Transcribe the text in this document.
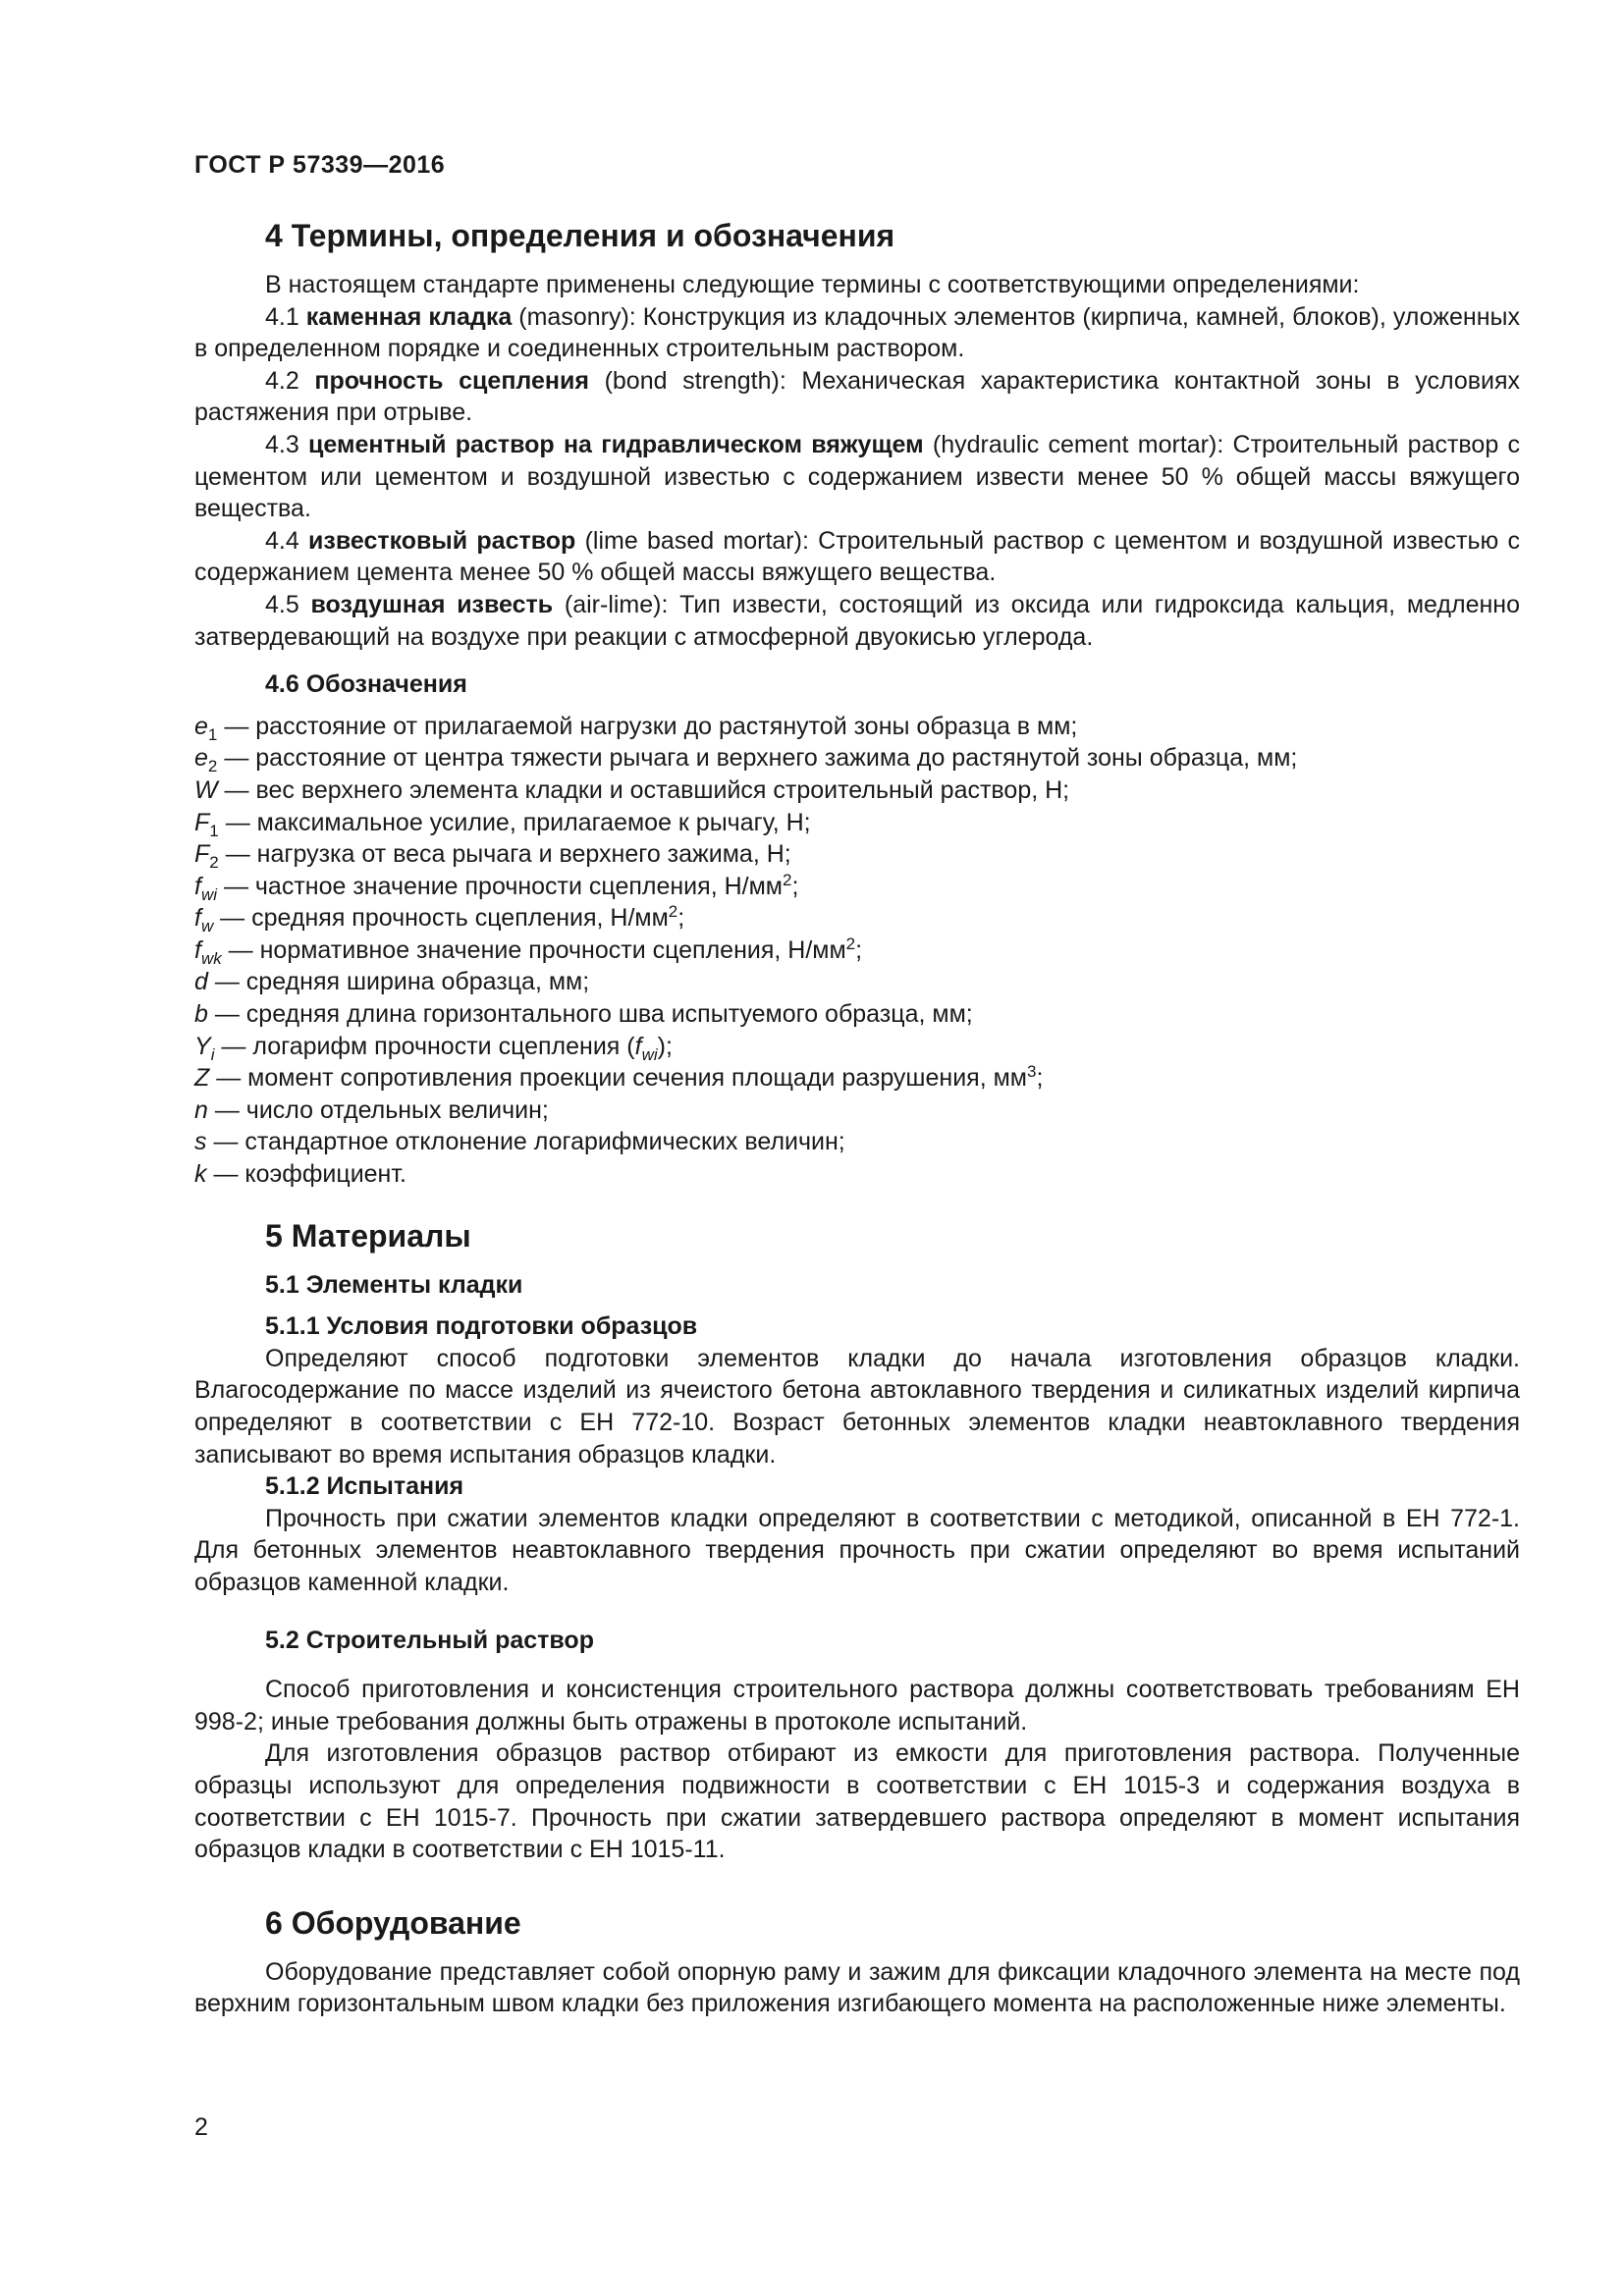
ГОСТ Р 57339—2016
4 Термины, определения и обозначения

В настоящем стандарте применены следующие термины с соответствующими определениями:

4.1 каменная кладка (masonry): Конструкция из кладочных элементов (кирпича, камней, блоков), уложенных в определенном порядке и соединенных строительным раствором.

4.2 прочность сцепления (bond strength): Механическая характеристика контактной зоны в условиях растяжения при отрыве.

4.3 цементный раствор на гидравлическом вяжущем (hydraulic cement mortar): Строительный раствор с цементом или цементом и воздушной известью с содержанием извести менее 50 % общей массы вяжущего вещества.

4.4 известковый раствор (lime based mortar): Строительный раствор с цементом и воздушной известью с содержанием цемента менее 50 % общей массы вяжущего вещества.

4.5 воздушная известь (air-lime): Тип извести, состоящий из оксида или гидроксида кальция, медленно затвердевающий на воздухе при реакции с атмосферной двуокисью углерода.

4.6 Обозначения

$e_1$ — расстояние от прилагаемой нагрузки до растянутой зоны образца в мм;

$e_2$ — расстояние от центра тяжести рычага и верхнего зажима до растянутой зоны образца, мм;

W — вес верхнего элемента кладки и оставшийся строительный раствор, Н;

$F_1$ — максимальное усилие, прилагаемое к рычагу, Н;

$F_2$ — нагрузка от веса рычага и верхнего зажима, Н;

$f_{wi}$ — частное значение прочности сцепления, $Н/мм^2$;

$f_w$ — средняя прочность сцепления, $Н/мм^2$;

$f_{wk}$ — нормативное значение прочности сцепления, $Н/мм^2$;

d — средняя ширина образца, мм;

b — средняя длина горизонтального шва испытуемого образца, мм;

$Y_i$ — логарифм прочности сцепления $(f_{wi})$;

Z — момент сопротивления проекции сечения площади разрушения, $мм^3$;

n — число отдельных величин;

s — стандартное отклонение логарифмических величин;

k — коэффициент.

5 Материалы
5.1 Элементы кладки
5.1.1 Условия подготовки образцов

Определяют способ подготовки элементов кладки до начала изготовления образцов кладки. Влагосодержание по массе изделий из ячеистого бетона автоклавного твердения и силикатных изделий кирпича определяют в соответствии с ЕН 772-10. Возраст бетонных элементов кладки неавтоклавного твердения записывают во время испытания образцов кладки.

5.1.2 Испытания

Прочность при сжатии элементов кладки определяют в соответствии с методикой, описанной в ЕН 772-1. Для бетонных элементов неавтоклавного твердения прочность при сжатии определяют во время испытаний образцов каменной кладки.

5.2 Строительный раствор

Способ приготовления и консистенция строительного раствора должны соответствовать требованиям ЕН 998-2; иные требования должны быть отражены в протоколе испытаний.

Для изготовления образцов раствор отбирают из емкости для приготовления раствора. Полученные образцы используют для определения подвижности в соответствии с ЕН 1015-3 и содержания воздуха в соответствии с ЕН 1015-7. Прочность при сжатии затвердевшего раствора определяют в момент испытания образцов кладки в соответствии с ЕН 1015-11.

6 Оборудование

Оборудование представляет собой опорную раму и зажим для фиксации кладочного элемента на месте под верхним горизонтальным швом кладки без приложения изгибающего момента на расположенные ниже элементы.

2
